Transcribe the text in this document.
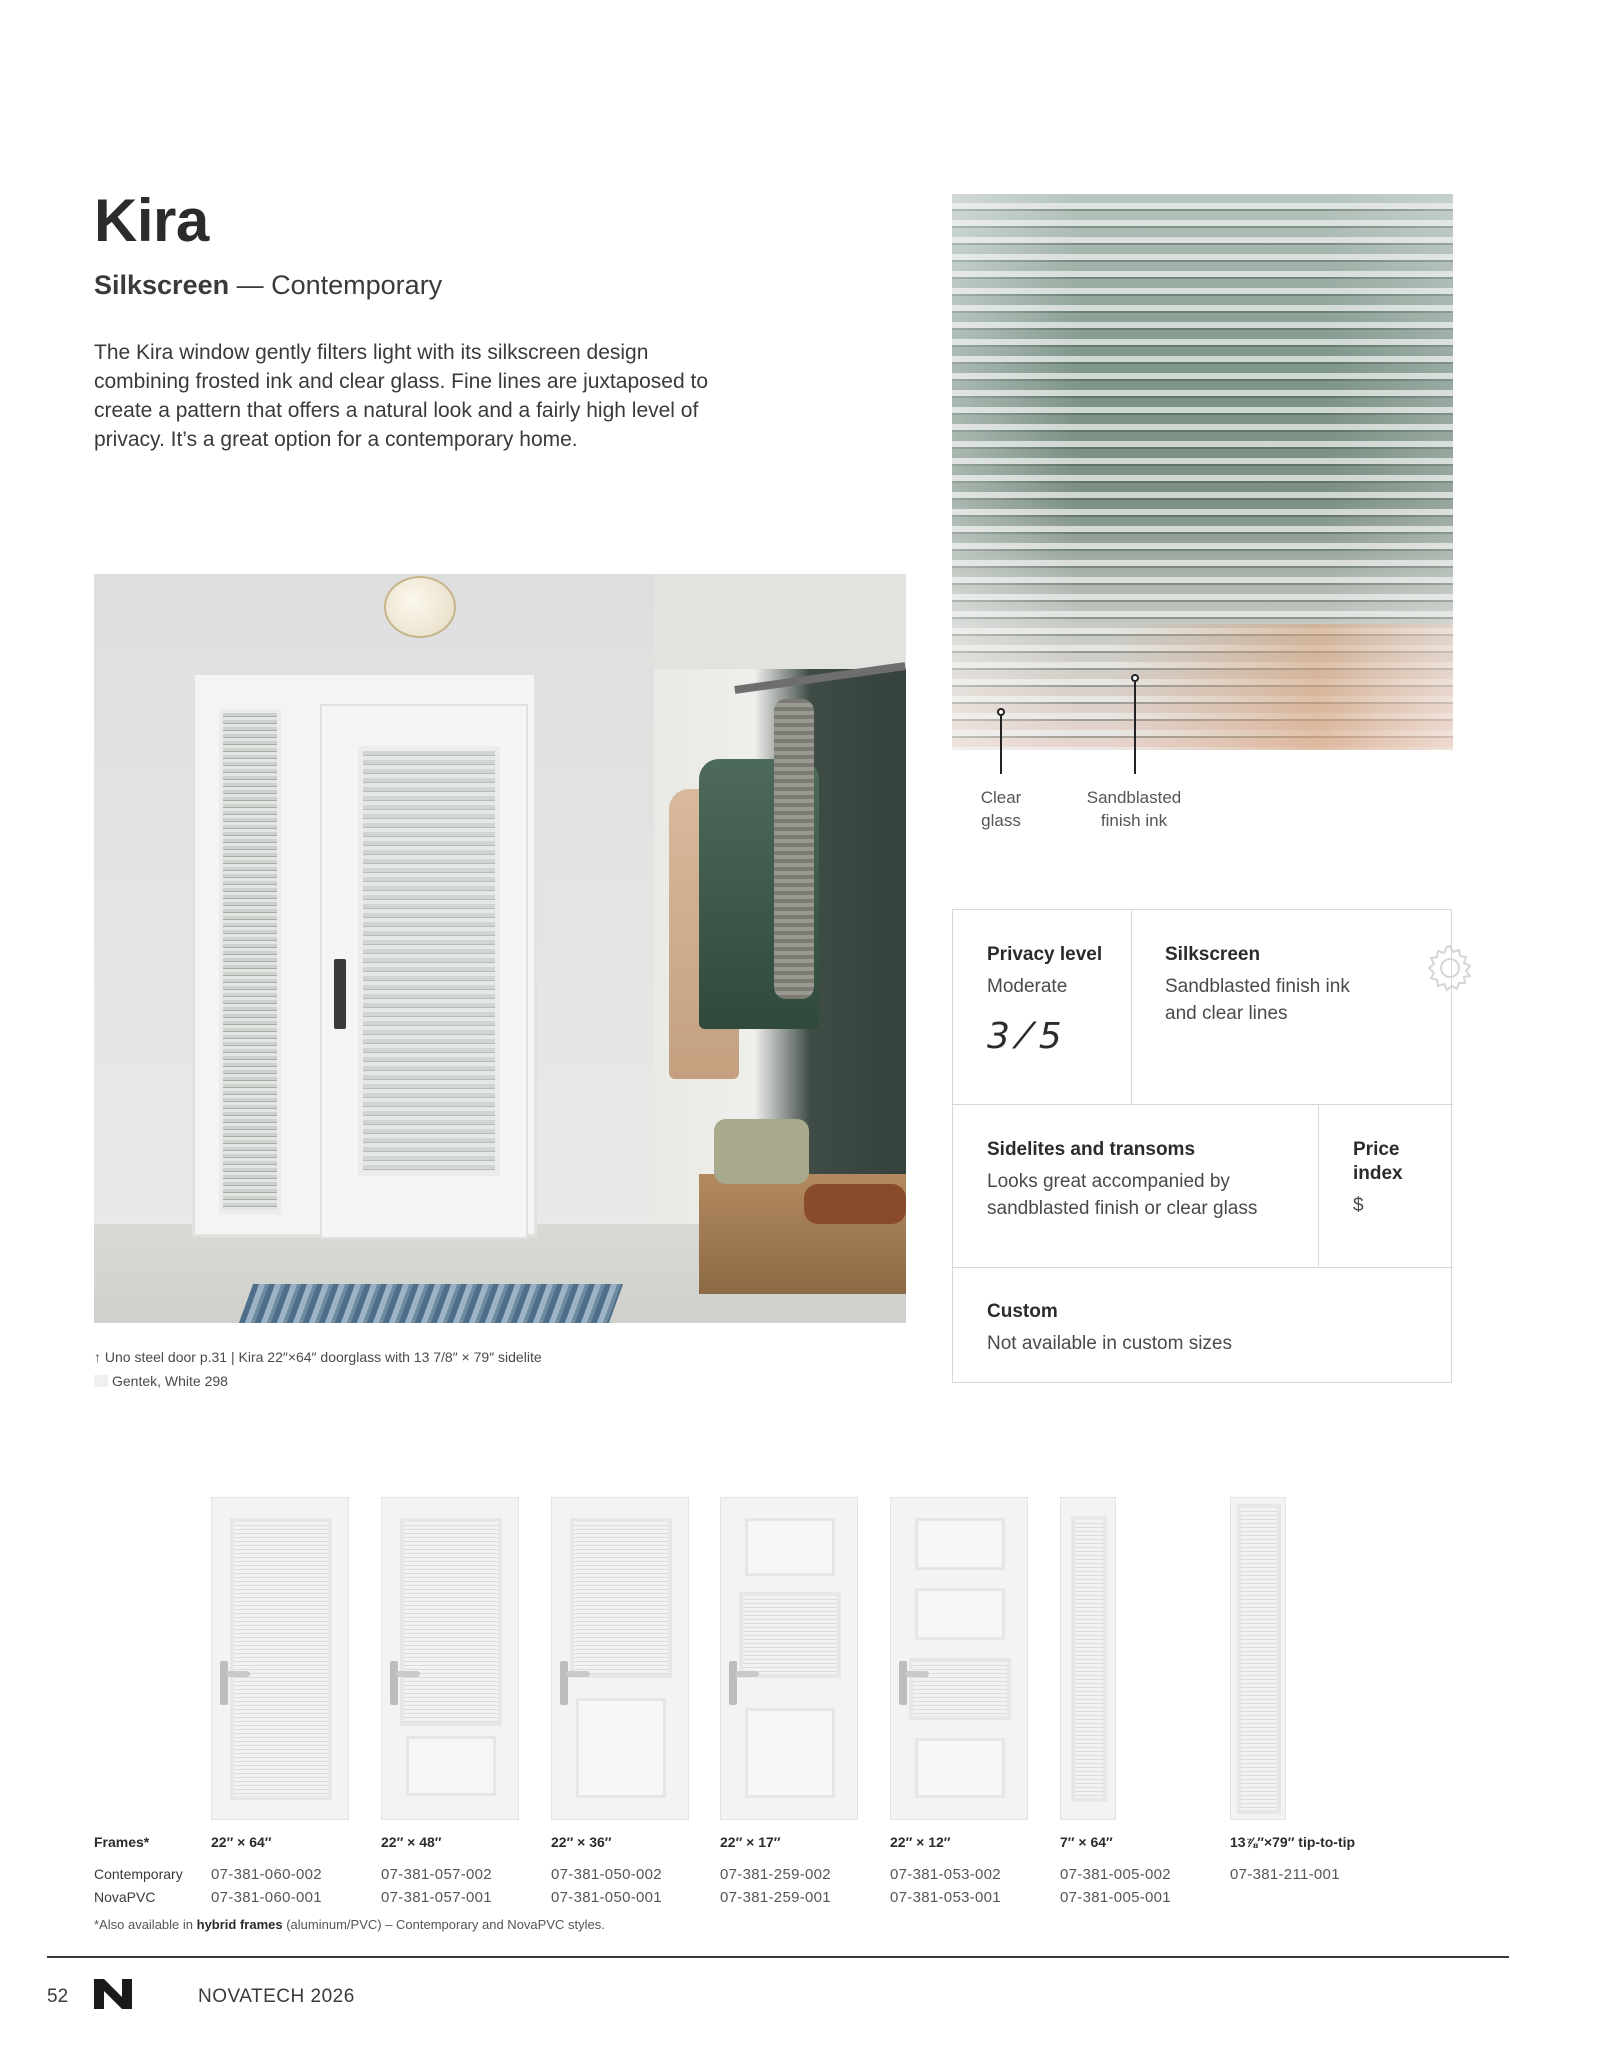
Kira
Silkscreen — Contemporary

The Kira window gently filters light with its silkscreen design combining frosted ink and clear glass. Fine lines are juxtaposed to create a pattern that offers a natural look and a fairly high level of privacy. It’s a great option for a contemporary home.

Clear glass
Sandblasted finish ink
↑ Uno steel door p.31 | Kira 22″×64″ doorglass with 13 7/8″ × 79″ sidelite
Gentek, White 298
Privacy level
Moderate
3 ⁄ 5
Silkscreen
Sandblasted finish ink and clear lines
Sidelites and transoms
Looks great accompanied by sandblasted finish or clear glass
Price index
$
Custom
Not available in custom sizes
Frames*
Contemporary
NovaPVC
22″ × 64″
07-381-060-002
07-381-060-001
22″ × 48″
07-381-057-002
07-381-057-001
22″ × 36″
07-381-050-002
07-381-050-001
22″ × 17″
07-381-259-002
07-381-259-001
22″ × 12″
07-381-053-002
07-381-053-001
7″ × 64″
07-381-005-002
07-381-005-001
13⅞″×79″ tip-to-tip
07-381-211-001
*Also available in hybrid frames (aluminum/PVC) – Contemporary and NovaPVC styles.
52	NOVATECH 2026
